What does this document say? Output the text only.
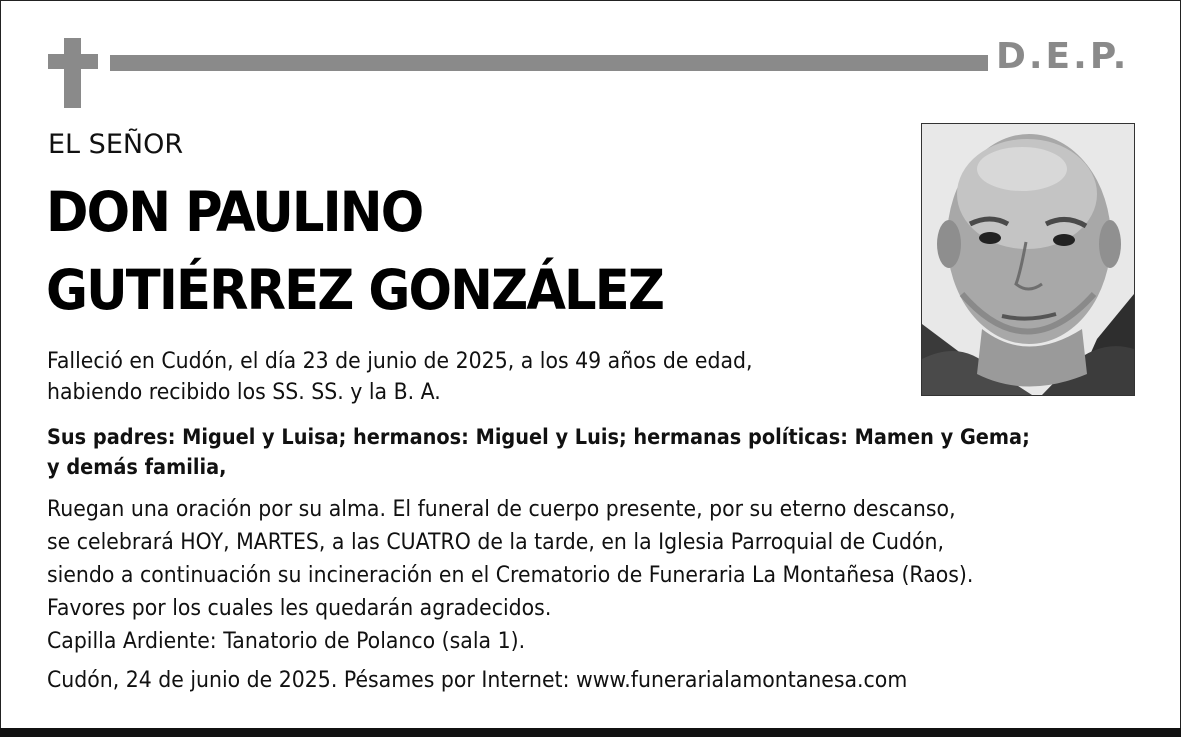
D.E.P.
EL SEÑOR
DON PAULINO
GUTIÉRREZ GONZÁLEZ
Falleció en Cudón, el día 23 de junio de 2025, a los 49 años de edad,
habiendo recibido los SS. SS. y la B. A.
Sus padres: Miguel y Luisa; hermanos: Miguel y Luis; hermanas políticas: Mamen y Gema;
y demás familia,
Ruegan una oración por su alma. El funeral de cuerpo presente, por su eterno descanso,
se celebrará HOY, MARTES, a las CUATRO de la tarde, en la Iglesia Parroquial de Cudón,
siendo a continuación su incineración en el Crematorio de Funeraria La Montañesa (Raos).
Favores por los cuales les quedarán agradecidos.
Capilla Ardiente: Tanatorio de Polanco (sala 1).
Cudón, 24 de junio de 2025. Pésames por Internet: www.funerarialamontanesa.com
